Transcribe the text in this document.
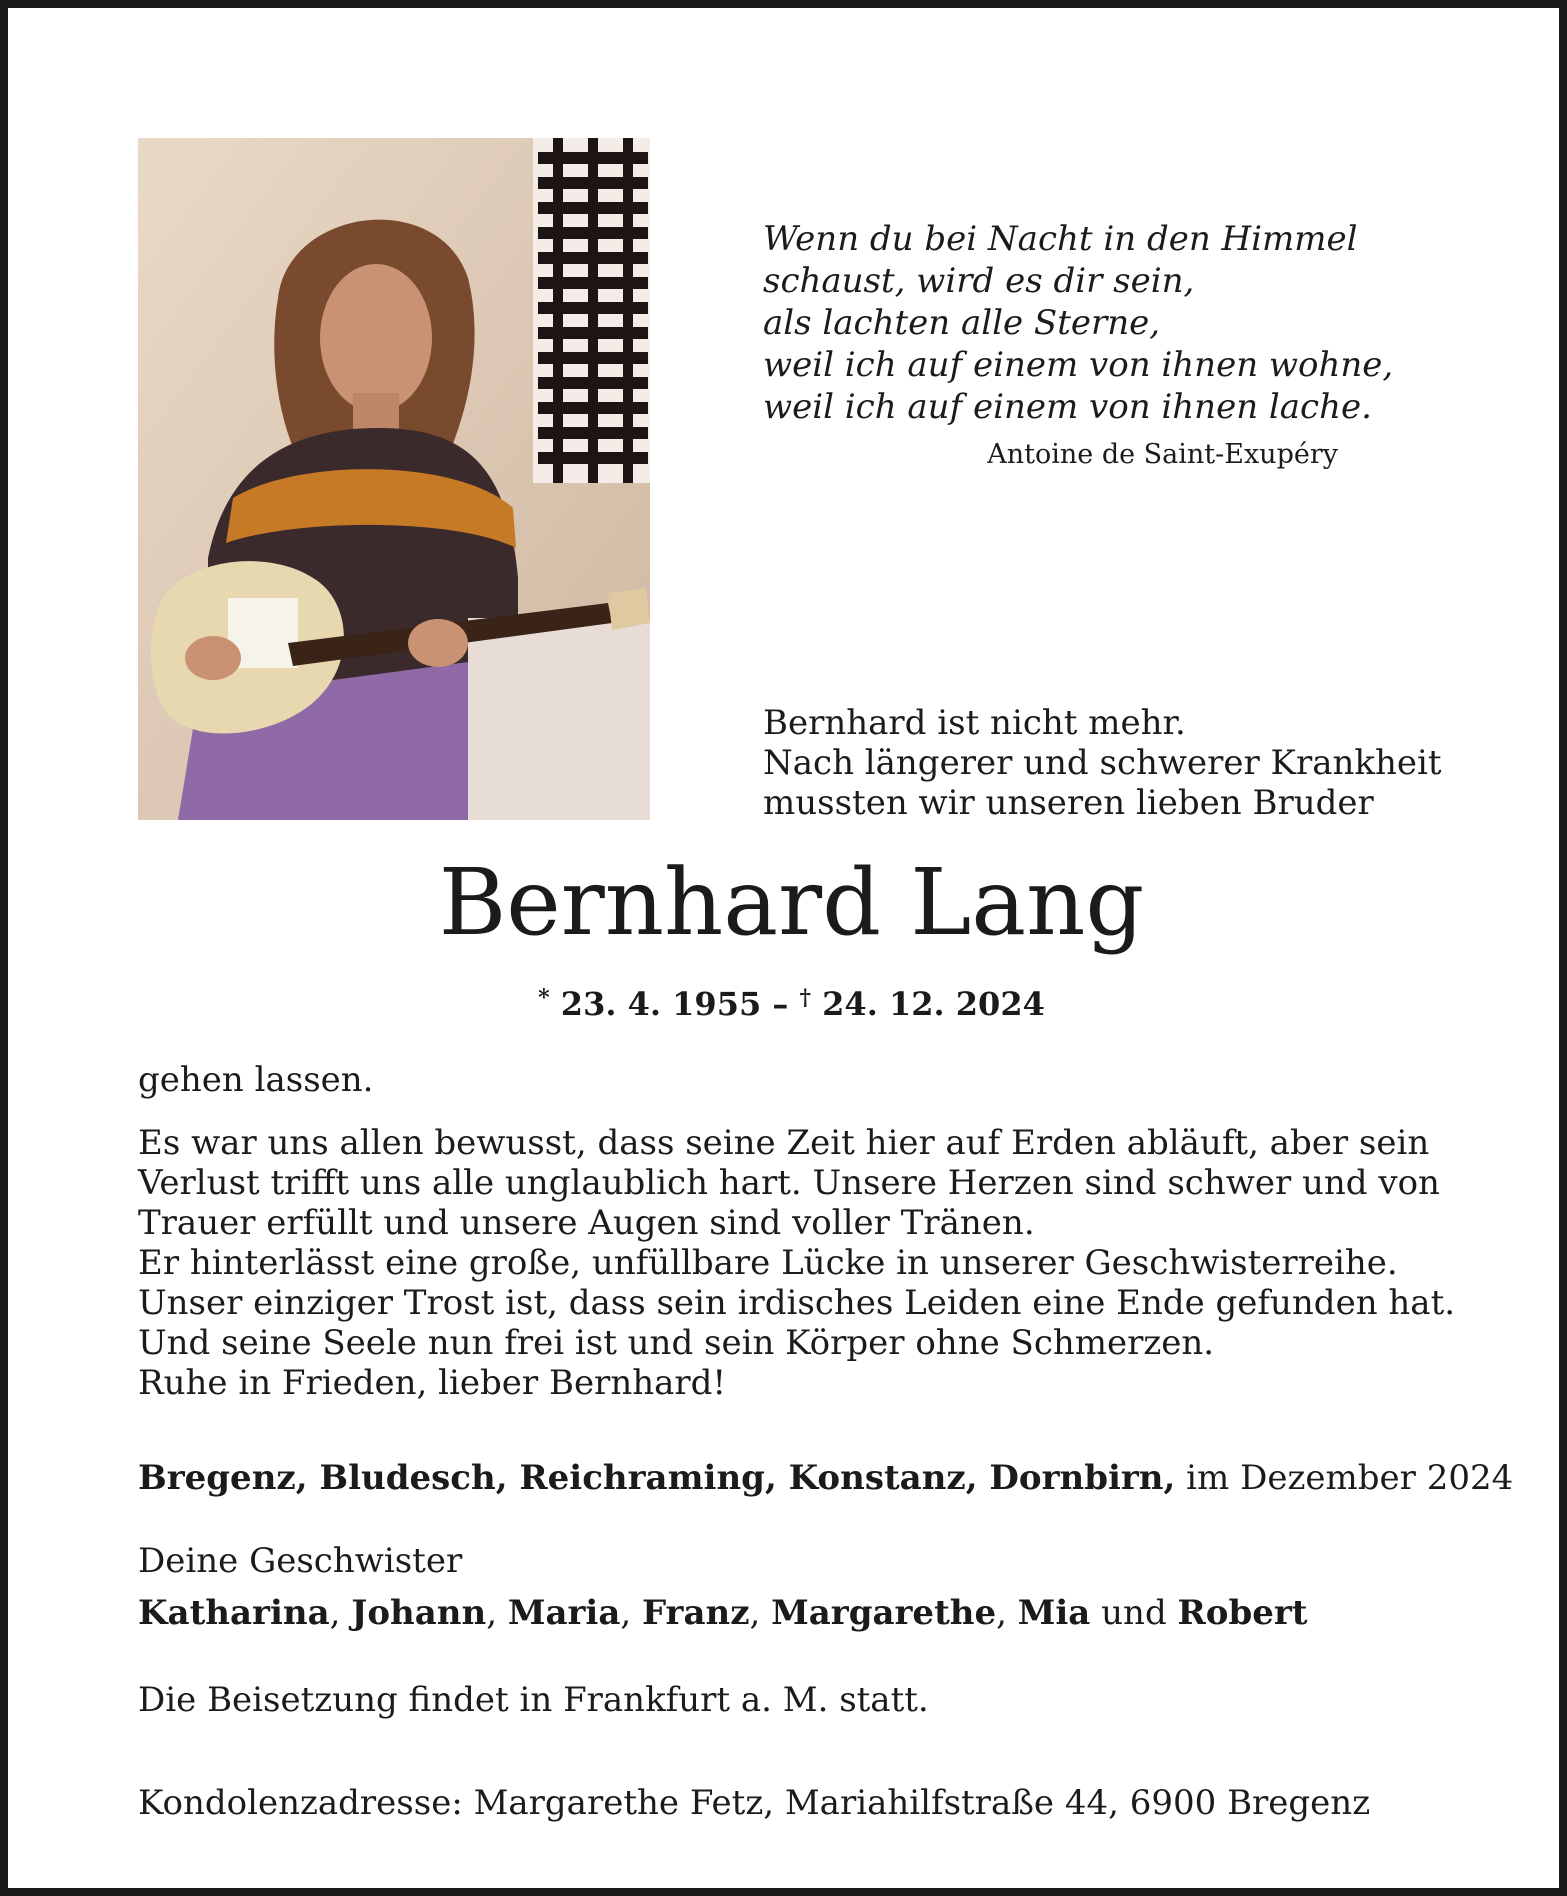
Wenn du bei Nacht in den Himmel
schaust, wird es dir sein,
als lachten alle Sterne,
weil ich auf einem von ihnen wohne,
weil ich auf einem von ihnen lache.
Antoine de Saint-Exupéry
Bernhard ist nicht mehr.
Nach längerer und schwerer Krankheit
mussten wir unseren lieben Bruder
Bernhard Lang
* 23. 4. 1955 – † 24. 12. 2024
gehen lassen.
Es war uns allen bewusst, dass seine Zeit hier auf Erden abläuft, aber sein
Verlust trifft uns alle unglaublich hart. Unsere Herzen sind schwer und von
Trauer erfüllt und unsere Augen sind voller Tränen.
Er hinterlässt eine große, unfüllbare Lücke in unserer Geschwisterreihe.
Unser einziger Trost ist, dass sein irdisches Leiden eine Ende gefunden hat.
Und seine Seele nun frei ist und sein Körper ohne Schmerzen.
Ruhe in Frieden, lieber Bernhard!
Bregenz, Bludesch, Reichraming, Konstanz, Dornbirn, im Dezember 2024
Deine Geschwister
Katharina, Johann, Maria, Franz, Margarethe, Mia und Robert
Die Beisetzung findet in Frankfurt a. M. statt.
Kondolenzadresse: Margarethe Fetz, Mariahilfstraße 44, 6900 Bregenz
